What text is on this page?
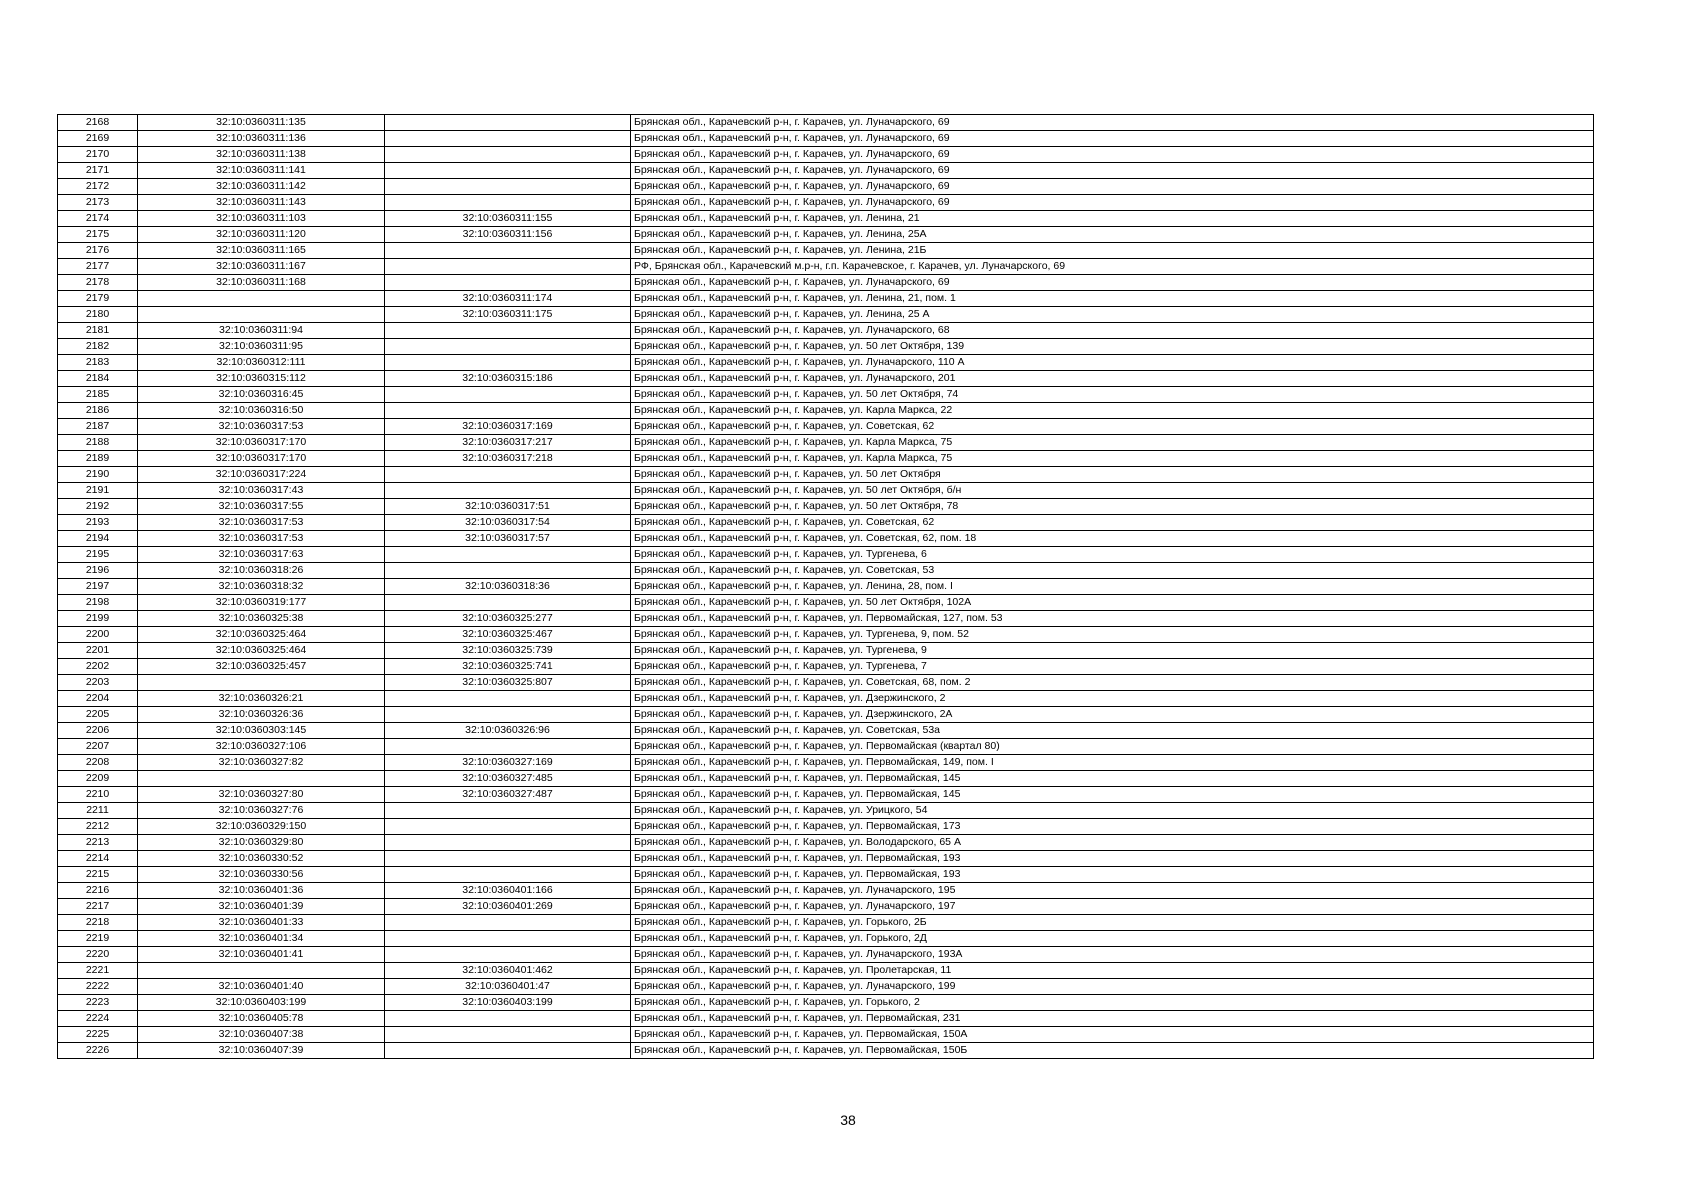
2168	32:10:0360311:135		Брянская обл., Карачевский р-н, г. Карачев, ул. Луначарского, 69
2169	32:10:0360311:136		Брянская обл., Карачевский р-н, г. Карачев, ул. Луначарского, 69
2170	32:10:0360311:138		Брянская обл., Карачевский р-н, г. Карачев, ул. Луначарского, 69
2171	32:10:0360311:141		Брянская обл., Карачевский р-н, г. Карачев, ул. Луначарского, 69
2172	32:10:0360311:142		Брянская обл., Карачевский р-н, г. Карачев, ул. Луначарского, 69
2173	32:10:0360311:143		Брянская обл., Карачевский р-н, г. Карачев, ул. Луначарского, 69
2174	32:10:0360311:103	32:10:0360311:155	Брянская обл., Карачевский р-н, г. Карачев, ул. Ленина, 21
2175	32:10:0360311:120	32:10:0360311:156	Брянская обл., Карачевский р-н, г. Карачев, ул. Ленина, 25А
2176	32:10:0360311:165		Брянская обл., Карачевский р-н, г. Карачев, ул. Ленина, 21Б
2177	32:10:0360311:167		РФ, Брянская обл., Карачевский м.р-н, г.п. Карачевское, г. Карачев, ул. Луначарского, 69
2178	32:10:0360311:168		Брянская обл., Карачевский р-н, г. Карачев, ул. Луначарского, 69
2179		32:10:0360311:174	Брянская обл., Карачевский р-н, г. Карачев, ул. Ленина, 21, пом. 1
2180		32:10:0360311:175	Брянская обл., Карачевский р-н, г. Карачев, ул. Ленина, 25 А
2181	32:10:0360311:94		Брянская обл., Карачевский р-н, г. Карачев, ул. Луначарского, 68
2182	32:10:0360311:95		Брянская обл., Карачевский р-н, г. Карачев, ул. 50 лет Октября, 139
2183	32:10:0360312:111		Брянская обл., Карачевский р-н, г. Карачев, ул. Луначарского, 110 А
2184	32:10:0360315:112	32:10:0360315:186	Брянская обл., Карачевский р-н, г. Карачев, ул. Луначарского, 201
2185	32:10:0360316:45		Брянская обл., Карачевский р-н, г. Карачев, ул. 50 лет Октября, 74
2186	32:10:0360316:50		Брянская обл., Карачевский р-н, г. Карачев, ул. Карла Маркса, 22
2187	32:10:0360317:53	32:10:0360317:169	Брянская обл., Карачевский р-н, г. Карачев, ул. Советская, 62
2188	32:10:0360317:170	32:10:0360317:217	Брянская обл., Карачевский р-н, г. Карачев, ул. Карла Маркса, 75
2189	32:10:0360317:170	32:10:0360317:218	Брянская обл., Карачевский р-н, г. Карачев, ул. Карла Маркса, 75
2190	32:10:0360317:224		Брянская обл., Карачевский р-н, г. Карачев, ул. 50 лет Октября
2191	32:10:0360317:43		Брянская обл., Карачевский р-н, г. Карачев, ул. 50 лет Октября, б/н
2192	32:10:0360317:55	32:10:0360317:51	Брянская обл., Карачевский р-н, г. Карачев, ул. 50 лет Октября, 78
2193	32:10:0360317:53	32:10:0360317:54	Брянская обл., Карачевский р-н, г. Карачев, ул. Советская, 62
2194	32:10:0360317:53	32:10:0360317:57	Брянская обл., Карачевский р-н, г. Карачев, ул. Советская, 62, пом. 18
2195	32:10:0360317:63		Брянская обл., Карачевский р-н, г. Карачев, ул. Тургенева, 6
2196	32:10:0360318:26		Брянская обл., Карачевский р-н, г. Карачев, ул. Советская, 53
2197	32:10:0360318:32	32:10:0360318:36	Брянская обл., Карачевский р-н, г. Карачев, ул. Ленина, 28, пом. I
2198	32:10:0360319:177		Брянская обл., Карачевский р-н, г. Карачев, ул. 50 лет Октября, 102А
2199	32:10:0360325:38	32:10:0360325:277	Брянская обл., Карачевский р-н, г. Карачев, ул. Первомайская, 127, пом. 53
2200	32:10:0360325:464	32:10:0360325:467	Брянская обл., Карачевский р-н, г. Карачев, ул. Тургенева, 9, пом. 52
2201	32:10:0360325:464	32:10:0360325:739	Брянская обл., Карачевский р-н, г. Карачев, ул. Тургенева, 9
2202	32:10:0360325:457	32:10:0360325:741	Брянская обл., Карачевский р-н, г. Карачев, ул. Тургенева, 7
2203		32:10:0360325:807	Брянская обл., Карачевский р-н, г. Карачев, ул. Советская, 68, пом. 2
2204	32:10:0360326:21		Брянская обл., Карачевский р-н, г. Карачев, ул. Дзержинского, 2
2205	32:10:0360326:36		Брянская обл., Карачевский р-н, г. Карачев, ул. Дзержинского, 2А
2206	32:10:0360303:145	32:10:0360326:96	Брянская обл., Карачевский р-н, г. Карачев, ул. Советская, 53а
2207	32:10:0360327:106		Брянская обл., Карачевский р-н, г. Карачев, ул. Первомайская (квартал 80)
2208	32:10:0360327:82	32:10:0360327:169	Брянская обл., Карачевский р-н, г. Карачев, ул. Первомайская, 149, пом. I
2209		32:10:0360327:485	Брянская обл., Карачевский р-н, г. Карачев, ул. Первомайская, 145
2210	32:10:0360327:80	32:10:0360327:487	Брянская обл., Карачевский р-н, г. Карачев, ул. Первомайская, 145
2211	32:10:0360327:76		Брянская обл., Карачевский р-н, г. Карачев, ул. Урицкого, 54
2212	32:10:0360329:150		Брянская обл., Карачевский р-н, г. Карачев, ул. Первомайская, 173
2213	32:10:0360329:80		Брянская обл., Карачевский р-н, г. Карачев, ул. Володарского, 65 А
2214	32:10:0360330:52		Брянская обл., Карачевский р-н, г. Карачев, ул. Первомайская, 193
2215	32:10:0360330:56		Брянская обл., Карачевский р-н, г. Карачев, ул. Первомайская, 193
2216	32:10:0360401:36	32:10:0360401:166	Брянская обл., Карачевский р-н, г. Карачев, ул. Луначарского, 195
2217	32:10:0360401:39	32:10:0360401:269	Брянская обл., Карачевский р-н, г. Карачев, ул. Луначарского, 197
2218	32:10:0360401:33		Брянская обл., Карачевский р-н, г. Карачев, ул. Горького, 2Б
2219	32:10:0360401:34		Брянская обл., Карачевский р-н, г. Карачев, ул. Горького, 2Д
2220	32:10:0360401:41		Брянская обл., Карачевский р-н, г. Карачев, ул. Луначарского, 193А
2221		32:10:0360401:462	Брянская обл., Карачевский р-н, г. Карачев, ул. Пролетарская, 11
2222	32:10:0360401:40	32:10:0360401:47	Брянская обл., Карачевский р-н, г. Карачев, ул. Луначарского, 199
2223	32:10:0360403:199	32:10:0360403:199	Брянская обл., Карачевский р-н, г. Карачев, ул. Горького, 2
2224	32:10:0360405:78		Брянская обл., Карачевский р-н, г. Карачев, ул. Первомайская, 231
2225	32:10:0360407:38		Брянская обл., Карачевский р-н, г. Карачев, ул. Первомайская, 150А
2226	32:10:0360407:39		Брянская обл., Карачевский р-н, г. Карачев, ул. Первомайская, 150Б
38
